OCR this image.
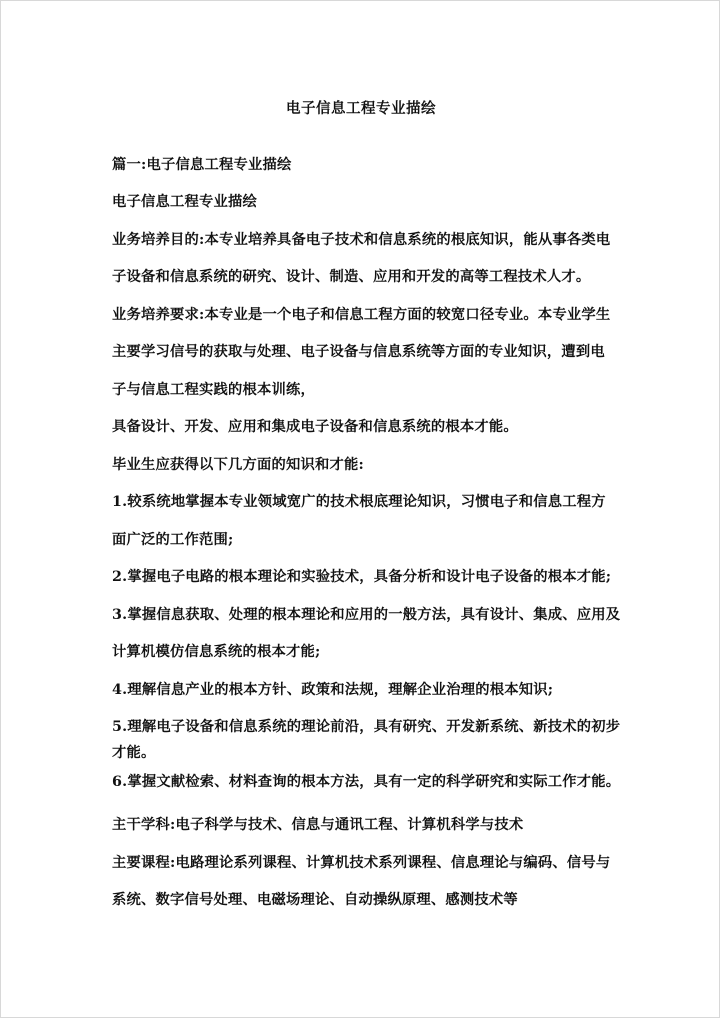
电子信息工程专业描绘
篇一:电子信息工程专业描绘
电子信息工程专业描绘
业务培养目的:本专业培养具备电子技术和信息系统的根底知识，能从事各类电
子设备和信息系统的研究、设计、制造、应用和开发的高等工程技术人才。
业务培养要求:本专业是一个电子和信息工程方面的较宽口径专业。本专业学生
主要学习信号的获取与处理、电子设备与信息系统等方面的专业知识，遭到电
子与信息工程实践的根本训练，
具备设计、开发、应用和集成电子设备和信息系统的根本才能。
毕业生应获得以下几方面的知识和才能:
1.较系统地掌握本专业领域宽广的技术根底理论知识，习惯电子和信息工程方
面广泛的工作范围;
2.掌握电子电路的根本理论和实验技术，具备分析和设计电子设备的根本才能;
3.掌握信息获取、处理的根本理论和应用的一般方法，具有设计、集成、应用及
计算机模仿信息系统的根本才能;
4.理解信息产业的根本方针、政策和法规，理解企业治理的根本知识;
5.理解电子设备和信息系统的理论前沿，具有研究、开发新系统、新技术的初步
才能。
6.掌握文献检索、材料查询的根本方法，具有一定的科学研究和实际工作才能。
主干学科:电子科学与技术、信息与通讯工程、计算机科学与技术
主要课程:电路理论系列课程、计算机技术系列课程、信息理论与编码、信号与
系统、数字信号处理、电磁场理论、自动操纵原理、感测技术等
